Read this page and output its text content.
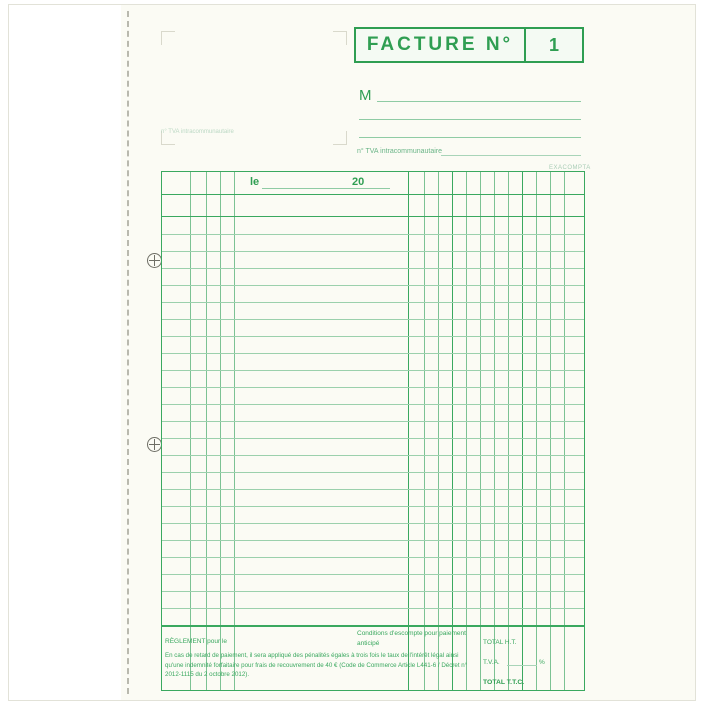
n° TVA intracommunautaire
FACTURE N°	1
M
n° TVA intracommunautaire
EXACOMPTA
le	20
RÈGLEMENT pour le
Conditions d'escompte pour paiement anticipé
En cas de retard de paiement, il sera appliqué des pénalités égales à trois fois le taux de l'intérêt légal ainsi qu'une indemnité forfaitaire pour frais de recouvrement de 40 € (Code de Commerce Article L441-6 / Décret n° 2012-1115 du 2 octobre 2012).
TOTAL H.T.
T.V.A.	%
TOTAL T.T.C.
